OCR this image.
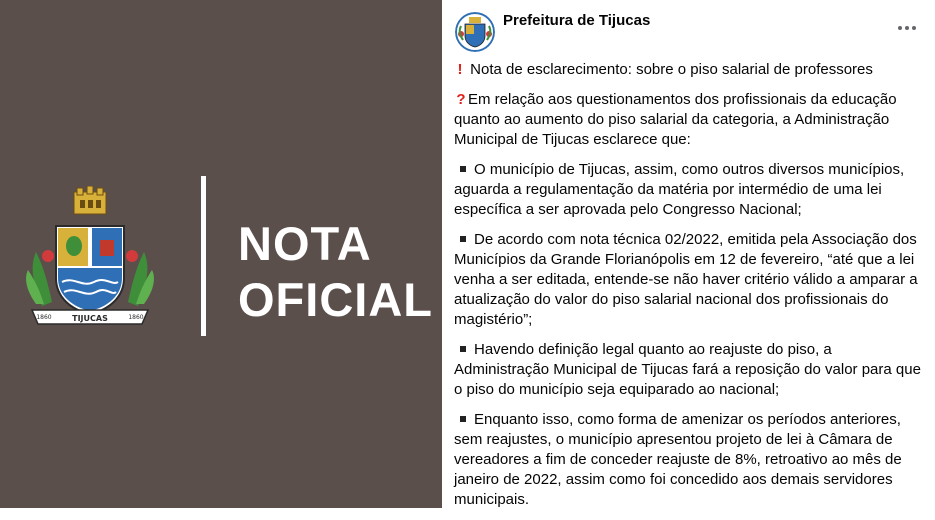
TIJUCAS
1860	1860
NOTA
OFICIAL
Prefeitura de Tijucas

! Nota de esclarecimento: sobre o piso salarial de professores

? Em relação aos questionamentos dos profissionais da educação quanto ao aumento do piso salarial da categoria, a Administração Municipal de Tijucas esclarece que:

O município de Tijucas, assim, como outros diversos municípios, aguarda a regulamentação da matéria por intermédio de uma lei específica a ser aprovada pelo Congresso Nacional;

De acordo com nota técnica 02/2022, emitida pela Associação dos Municípios da Grande Florianópolis em 12 de fevereiro, “até que a lei venha a ser editada, entende-se não haver critério válido a amparar a atualização do valor do piso salarial nacional dos profissionais do magistério”;

Havendo definição legal quanto ao reajuste do piso, a Administração Municipal de Tijucas fará a reposição do valor para que o piso do município seja equiparado ao nacional;

Enquanto isso, como forma de amenizar os períodos anteriores, sem reajustes, o município apresentou projeto de lei à Câmara de vereadores a fim de conceder reajuste de 8%, retroativo ao mês de janeiro de 2022, assim como foi concedido aos demais servidores municipais.
